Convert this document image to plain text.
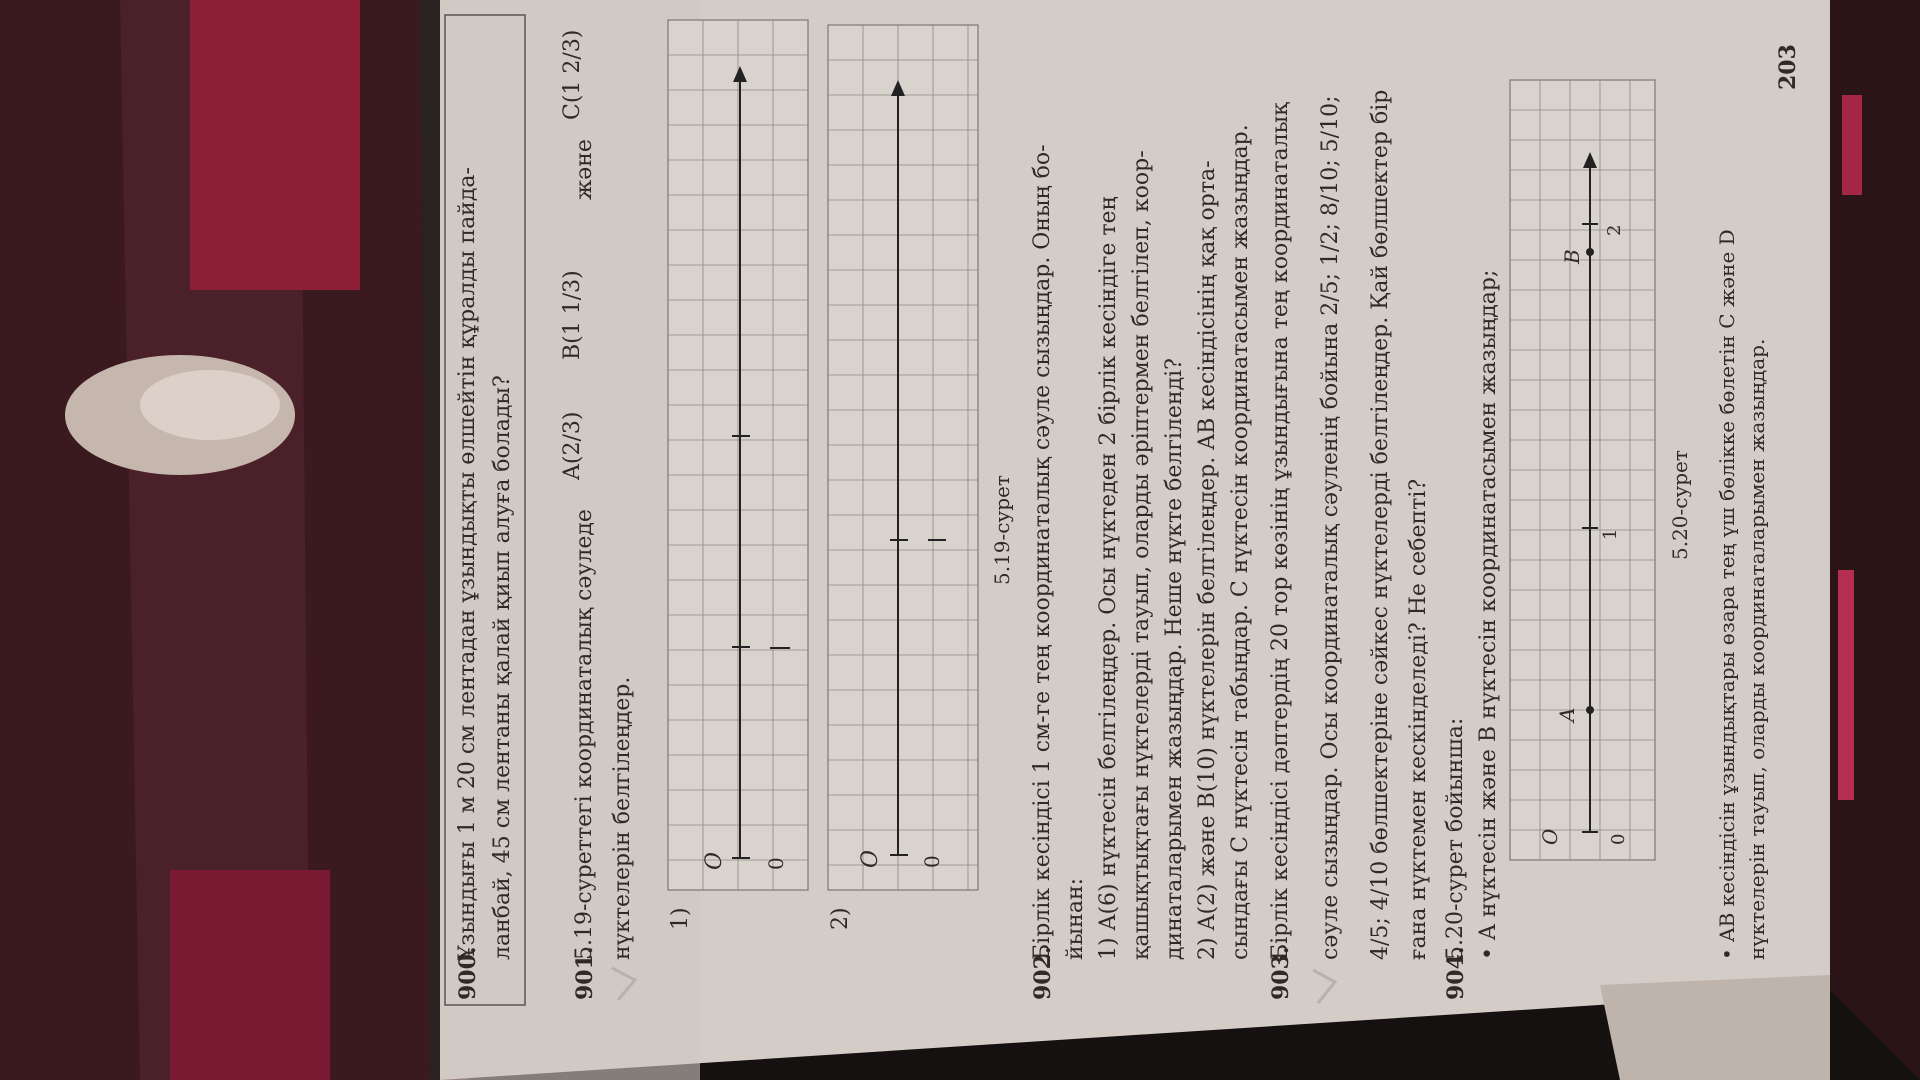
900.
Ұзындығы 1 м 20 см лентадан ұзындықты өлшейтін құралды пайда- ланбай, 45 см лентаны қалай қиып алуға болады?
901.
5.19-суреттегі координаталық сәуледе
A(2/3)
B(1 1/3)
және
C(1 2/3)
нүктелерін белгілеңдер. 1)	2)
O 0	O 0
5.19-сурет
902.
Бірлік кесіндісі 1 см-ге тең координаталық сәуле сызыңдар. Оның бо- йынан: 1) A(6) нүктесін белгілеңдер. Осы нүктеден 2 бірлік кесіндіге тең қашықтықтағы нүктелерді тауып, оларды әріптермен белгілеп, коор- динаталарымен жазыңдар. Неше нүкте белгіленді? 2) A(2) және B(10) нүктелерін белгілеңдер. AB кесіндісінің қақ орта- сындағы C нүктесін табыңдар. C нүктесін координатасымен жазыңдар.
903.
Бірлік кесіндісі дәптердің 20 тор көзінің ұзындығына тең координаталық сәуле сызыңдар. Осы координаталық сәуленің бойына 2/5; 1/2; 8/10; 5/10; 4/5; 4/10 бөлшектеріне сәйкес нүктелерді белгілеңдер. Қай бөлшектер бір ғана нүктемен кескінделеді? Не себепті?
904.
5.20-сурет бойынша: • A нүктесін және B нүктесін координатасымен жазыңдар; O	0
A
1
B
2
5.20-сурет • AB кесіндісін ұзындықтары өзара тең үш бөлікке бөлетін C және D нүктелерін тауып, оларды координаталарымен жазыңдар.
203
